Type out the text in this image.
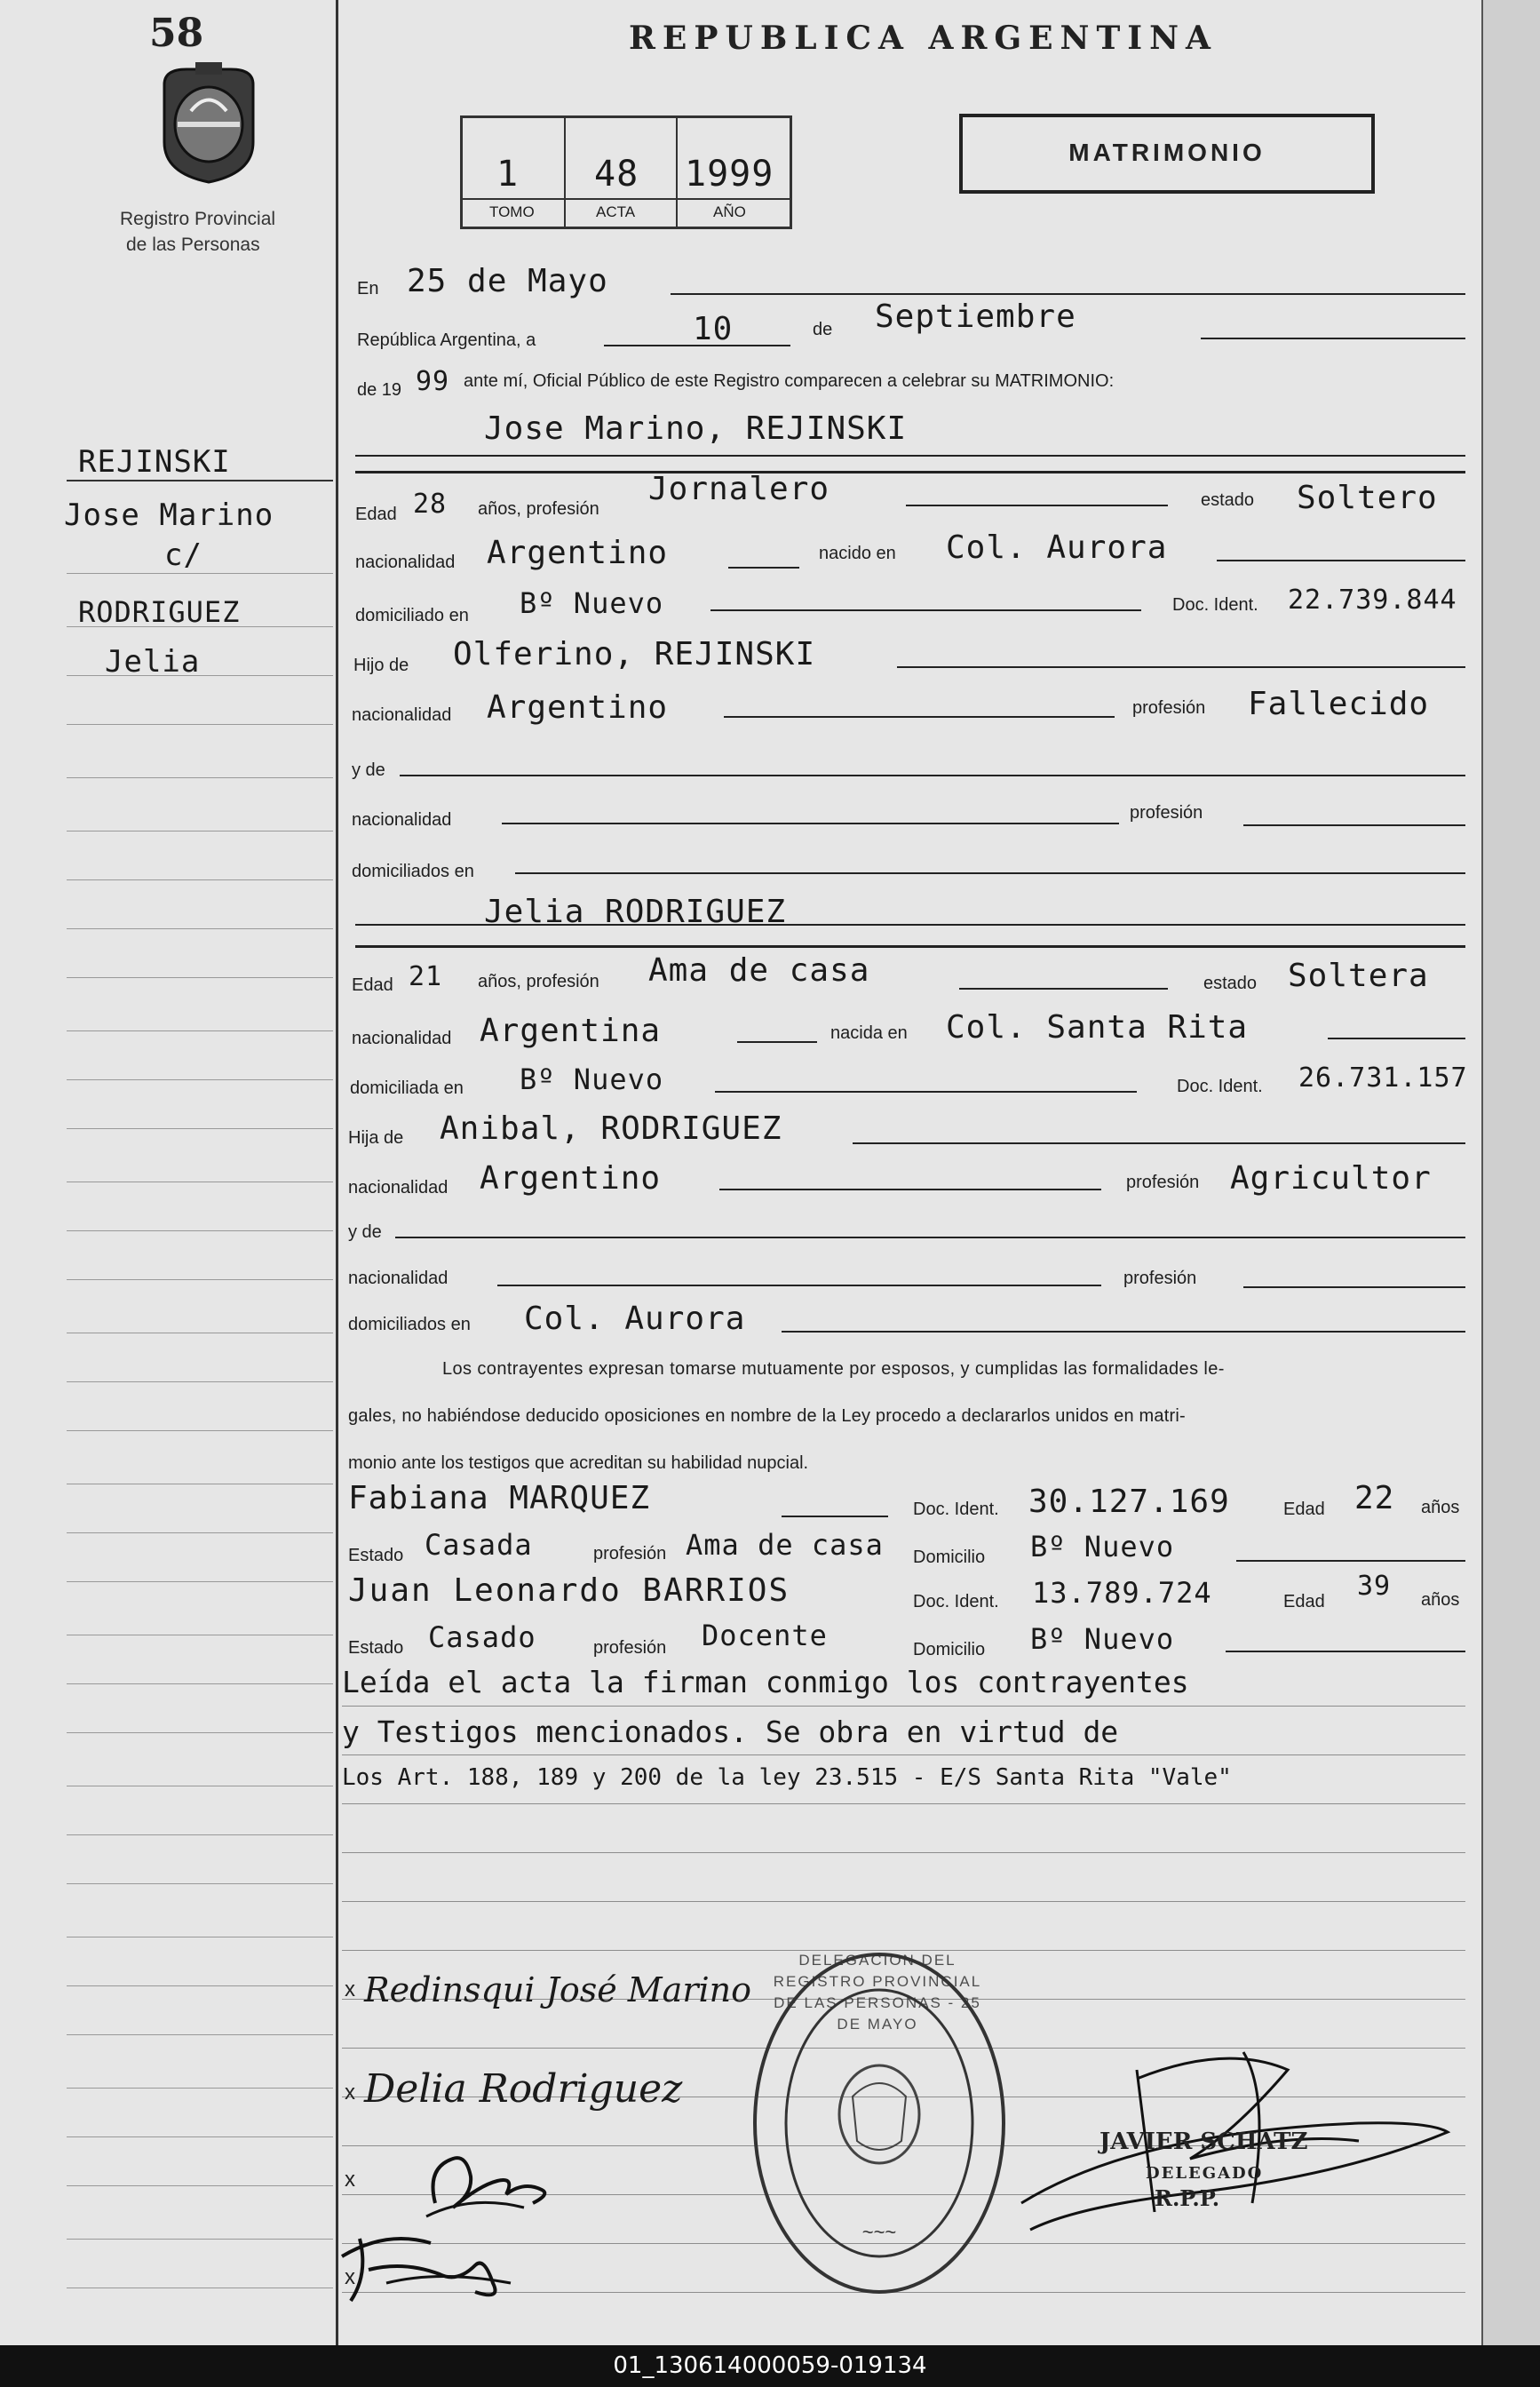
58
Registro Provincial
de las Personas
REJINSKI
Jose Marino
c/
RODRIGUEZ
Jelia
REPUBLICA ARGENTINA
1 48 1999
TOMO	ACTA	AÑO
MATRIMONIO
En 25 de Mayo
República Argentina, a	10	de Septiembre
de 19 99 ante mí, Oficial Público de este Registro comparecen a celebrar su MATRIMONIO:
Jose Marino, REJINSKI
Edad 28 años, profesión
Jornalero	estado Soltero
nacionalidad Argentino	nacido en Col. Aurora
domiciliado en Bº Nuevo	Doc. Ident. 22.739.844
Hijo de Olferino, REJINSKI
nacionalidad Argentino	profesión Fallecido
y de
nacionalidad	profesión
domiciliados en
Jelia RODRIGUEZ
Edad 21 años, profesión Ama de casa	estado Soltera
nacionalidad Argentina	nacida en Col. Santa Rita
domiciliada en Bº Nuevo	Doc. Ident. 26.731.157
Hija de Anibal, RODRIGUEZ
nacionalidad Argentino	profesión Agricultor
y de
nacionalidad	profesión
domiciliados en Col. Aurora
Los contrayentes expresan tomarse mutuamente por esposos, y cumplidas las formalidades le-
gales, no habiéndose deducido oposiciones en nombre de la Ley procedo a declararlos unidos en matri-
monio ante los testigos que acreditan su habilidad nupcial.
Fabiana MARQUEZ	Doc. Ident. 30.127.169	Edad 22 años
Estado Casada	profesión Ama de casa Domicilio Bº Nuevo
Juan Leonardo BARRIOS	Doc. Ident. 13.789.724	Edad 39 años
Estado Casado	profesión Docente	Domicilio Bº Nuevo
Leída el acta la firman conmigo los contrayentes
y Testigos mencionados. Se obra en virtud de
Los Art. 188, 189 y 200 de la ley 23.515 - E/S Santa Rita "Vale"
x Redinsqui José Marino
x Delia Rodriguez
x
x
~~~
DELEGACION DEL REGISTRO PROVINCIAL DE LAS PERSONAS - 25 DE MAYO
JAVIER SCHATZ
DELEGADO
R.P.P.
01_130614000059-019134
